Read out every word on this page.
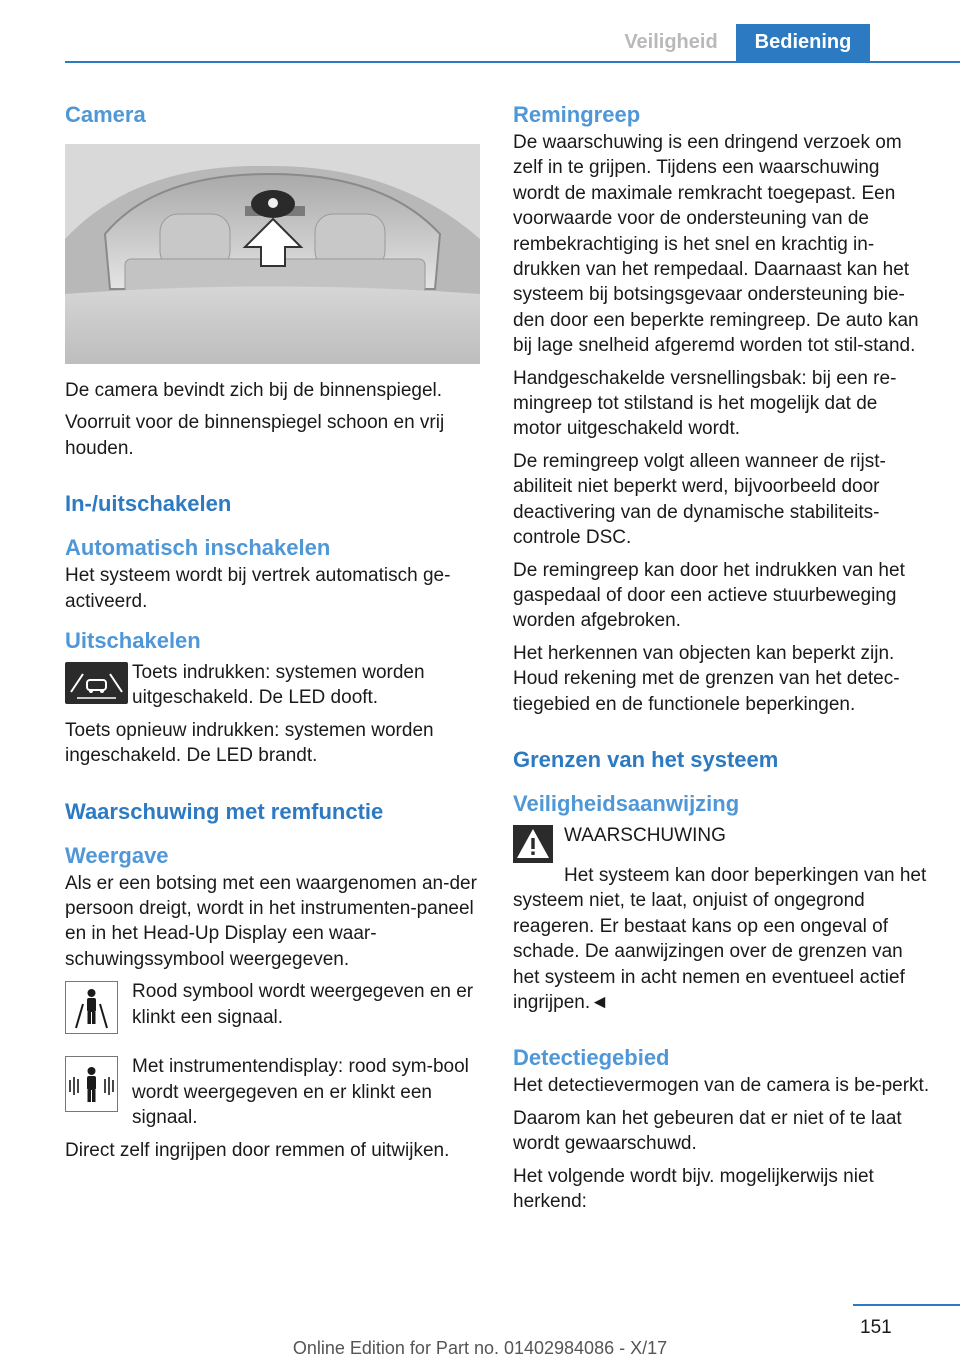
Veiligheid	Bediening
Camera

De camera bevindt zich bij de binnenspiegel.

Voorruit voor de binnenspiegel schoon en vrij houden.

In-/uitschakelen
Automatisch inschakelen

Het systeem wordt bij vertrek automatisch ge-activeerd.

Uitschakelen

Toets indrukken: systemen worden uitgeschakeld. De LED dooft.

Toets opnieuw indrukken: systemen worden ingeschakeld. De LED brandt.

Waarschuwing met remfunctie
Weergave

Als er een botsing met een waargenomen an-der persoon dreigt, wordt in het instrumenten-paneel en in het Head-Up Display een waar-schuwingssymbool weergegeven.

Rood symbool wordt weergegeven en er klinkt een signaal.

Met instrumentendisplay: rood sym-bool wordt weergegeven en er klinkt een signaal.

Direct zelf ingrijpen door remmen of uitwijken.

Remingreep

De waarschuwing is een dringend verzoek om zelf in te grijpen. Tijdens een waarschuwing wordt de maximale remkracht toegepast. Een voorwaarde voor de ondersteuning van de rembekrachtiging is het snel en krachtig in-drukken van het rempedaal. Daarnaast kan het systeem bij botsingsgevaar ondersteuning bie-den door een beperkte remingreep. De auto kan bij lage snelheid afgeremd worden tot stil-stand.

Handgeschakelde versnellingsbak: bij een re-mingreep tot stilstand is het mogelijk dat de motor uitgeschakeld wordt.

De remingreep volgt alleen wanneer de rijst-abiliteit niet beperkt werd, bijvoorbeeld door deactivering van de dynamische stabiliteits-controle DSC.

De remingreep kan door het indrukken van het gaspedaal of door een actieve stuurbeweging worden afgebroken.

Het herkennen van objecten kan beperkt zijn. Houd rekening met de grenzen van het detec-tiegebied en de functionele beperkingen.

Grenzen van het systeem
Veiligheidsaanwijzing

WAARSCHUWING

Het systeem kan door beperkingen van het systeem niet, te laat, onjuist of ongegrond reageren. Er bestaat kans op een ongeval of schade. De aanwijzingen over de grenzen van het systeem in acht nemen en eventueel actief ingrijpen.◄

Detectiegebied

Het detectievermogen van de camera is be-perkt.

Daarom kan het gebeuren dat er niet of te laat wordt gewaarschuwd.

Het volgende wordt bijv. mogelijkerwijs niet herkend:

151
Online Edition for Part no. 01402984086 - X/17
